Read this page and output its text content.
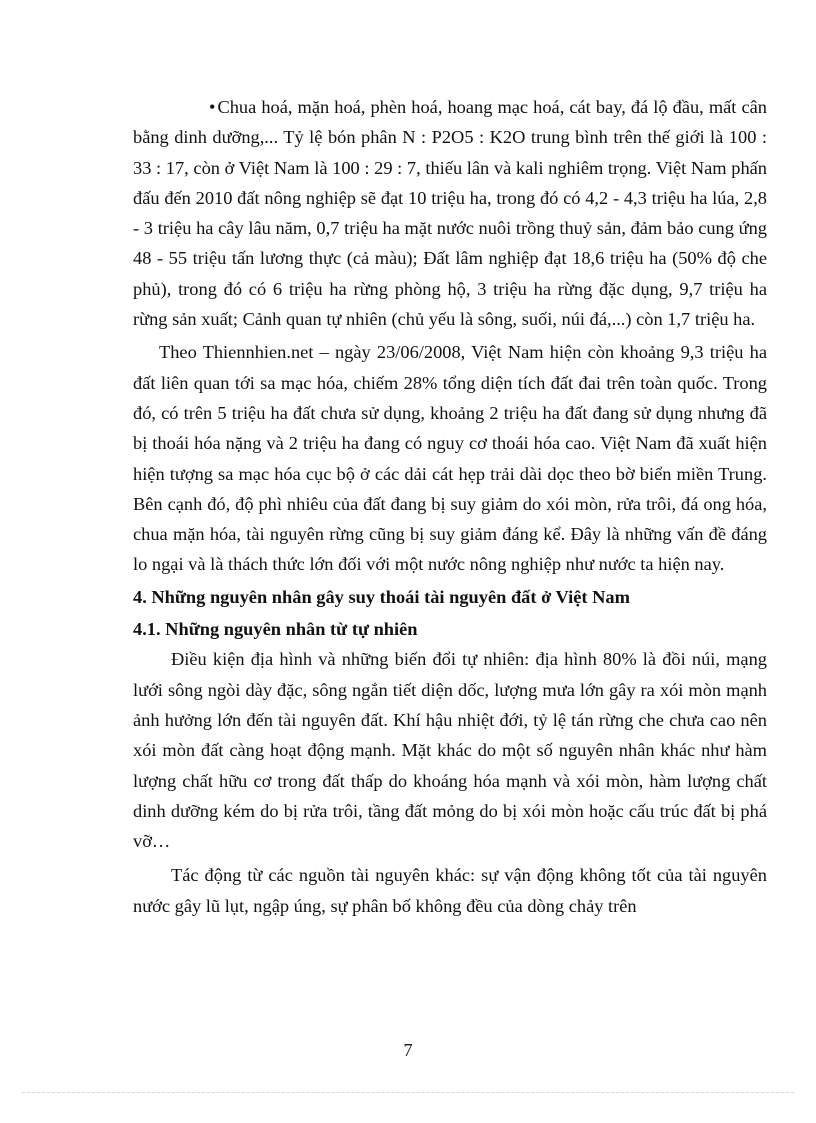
• Chua hoá, mặn hoá, phèn hoá, hoang mạc hoá, cát bay, đá lộ đầu, mất cân bằng dinh dưỡng,... Tỷ lệ bón phân N : P2O5 : K2O trung bình trên thế giới là 100 : 33 : 17, còn ở Việt Nam là 100 : 29 : 7, thiếu lân và kali nghiêm trọng. Việt Nam phấn đấu đến 2010 đất nông nghiệp sẽ đạt 10 triệu ha, trong đó có 4,2 - 4,3 triệu ha lúa, 2,8 - 3 triệu ha cây lâu năm, 0,7 triệu ha mặt nước nuôi trồng thuỷ sản, đảm bảo cung ứng 48 - 55 triệu tấn lương thực (cả màu); Đất lâm nghiệp đạt 18,6 triệu ha (50% độ che phủ), trong đó có 6 triệu ha rừng phòng hộ, 3 triệu ha rừng đặc dụng, 9,7 triệu ha rừng sản xuất; Cảnh quan tự nhiên (chủ yếu là sông, suối, núi đá,...) còn 1,7 triệu ha.

Theo Thiennhien.net – ngày 23/06/2008, Việt Nam hiện còn khoảng 9,3 triệu ha đất liên quan tới sa mạc hóa, chiếm 28% tổng diện tích đất đai trên toàn quốc. Trong đó, có trên 5 triệu ha đất chưa sử dụng, khoảng 2 triệu ha đất đang sử dụng nhưng đã bị thoái hóa nặng và 2 triệu ha đang có nguy cơ thoái hóa cao. Việt Nam đã xuất hiện hiện tượng sa mạc hóa cục bộ ở các dải cát hẹp trải dài dọc theo bờ biển miền Trung. Bên cạnh đó, độ phì nhiêu của đất đang bị suy giảm do xói mòn, rửa trôi, đá ong hóa, chua mặn hóa, tài nguyên rừng cũng bị suy giảm đáng kể. Đây là những vấn đề đáng lo ngại và là thách thức lớn đối với một nước nông nghiệp như nước ta hiện nay.

4. Những nguyên nhân gây suy thoái tài nguyên đất ở Việt Nam

4.1. Những nguyên nhân từ tự nhiên

Điều kiện địa hình và những biến đổi tự nhiên: địa hình 80% là đồi núi, mạng lưới sông ngòi dày đặc, sông ngắn tiết diện dốc, lượng mưa lớn gây ra xói mòn mạnh ảnh hưởng lớn đến tài nguyên đất. Khí hậu nhiệt đới, tỷ lệ tán rừng che chưa cao nên xói mòn đất càng hoạt động mạnh. Mặt khác do một số nguyên nhân khác như hàm lượng chất hữu cơ trong đất thấp do khoáng hóa mạnh và xói mòn, hàm lượng chất dinh dưỡng kém do bị rửa trôi, tầng đất mỏng do bị xói mòn hoặc cấu trúc đất bị phá vỡ…

Tác động từ các nguồn tài nguyên khác: sự vận động không tốt của tài nguyên nước gây lũ lụt, ngập úng, sự phân bố không đều của dòng chảy trên

7
